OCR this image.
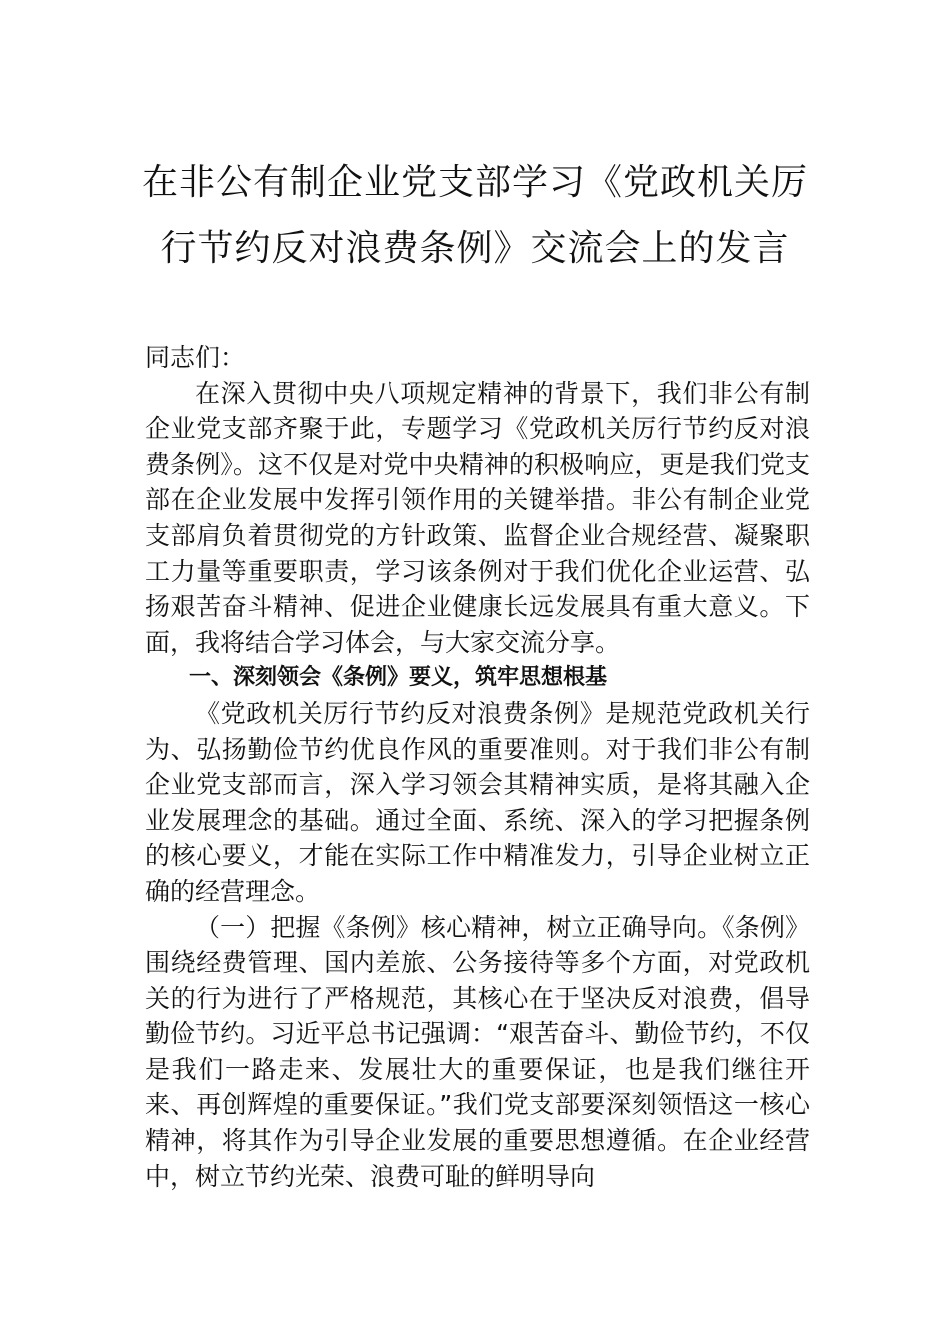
在非公有制企业党支部学习《党政机关厉
行节约反对浪费条例》交流会上的发言

同志们：

在深入贯彻中央八项规定精神的背景下，我们非公有制企业党支部齐聚于此，专题学习《党政机关厉行节约反对浪费条例》。这不仅是对党中央精神的积极响应，更是我们党支部在企业发展中发挥引领作用的关键举措。非公有制企业党支部肩负着贯彻党的方针政策、监督企业合规经营、凝聚职工力量等重要职责，学习该条例对于我们优化企业运营、弘扬艰苦奋斗精神、促进企业健康长远发展具有重大意义。下面，我将结合学习体会，与大家交流分享。

一、深刻领会《条例》要义，筑牢思想根基

《党政机关厉行节约反对浪费条例》是规范党政机关行为、弘扬勤俭节约优良作风的重要准则。对于我们非公有制企业党支部而言，深入学习领会其精神实质，是将其融入企业发展理念的基础。通过全面、系统、深入的学习把握条例的核心要义，才能在实际工作中精准发力，引导企业树立正确的经营理念。

（一）把握《条例》核心精神，树立正确导向。《条例》围绕经费管理、国内差旅、公务接待等多个方面，对党政机关的行为进行了严格规范，其核心在于坚决反对浪费，倡导勤俭节约。习近平总书记强调：“艰苦奋斗、勤俭节约，不仅是我们一路走来、发展壮大的重要保证，也是我们继往开来、再创辉煌的重要保证。”我们党支部要深刻领悟这一核心精神，将其作为引导企业发展的重要思想遵循。在企业经营中，树立节约光荣、浪费可耻的鲜明导向
